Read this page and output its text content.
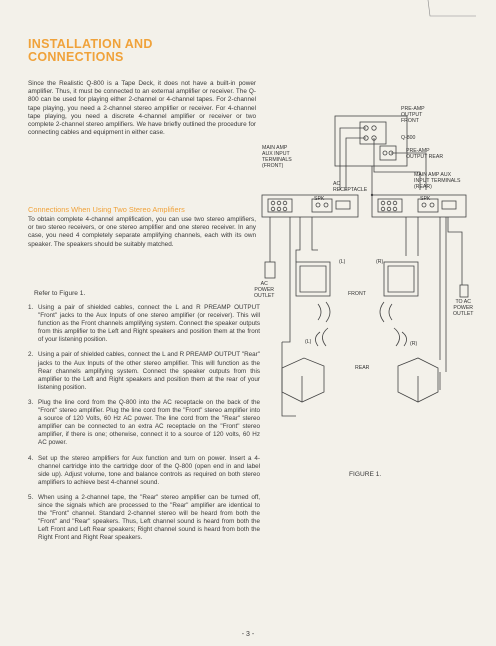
INSTALLATION AND
CONNECTIONS
Since the Realistic Q-800 is a Tape Deck, it does not have a built-in power amplifier. Thus, it must be connected to an external amplifier or receiver. The Q-800 can be used for playing either 2-channel or 4-channel tapes. For 2-channel tape playing, you need a 2-channel stereo amplifier or receiver. For 4-channel tape playing, you need a discrete 4-channel amplifier or receiver or two complete 2-channel stereo amplifiers. We have briefly outlined the procedure for connecting cables and equipment in either case.
Connections When Using Two Stereo Amplifiers
To obtain complete 4-channel amplification, you can use two stereo amplifiers, or two stereo receivers, or one stereo amplifier and one stereo receiver. In any case, you need 4 completely separate amplifying channels, each with its own speaker. The speakers should be suitably matched.
Refer to Figure 1.
1. Using a pair of shielded cables, connect the L and R PREAMP OUTPUT "Front" jacks to the Aux Inputs of one stereo amplifier (or receiver). This will function as the Front channels amplifying system. Connect the speaker outputs from this amplifier to the Left and Right speakers and position them at the front of your listening position.
2. Using a pair of shielded cables, connect the L and R PREAMP OUTPUT "Rear" jacks to the Aux Inputs of the other stereo amplifier. This will function as the Rear channels amplifying system. Connect the speaker outputs from this amplifier to the Left and Right speakers and position them at the rear of your listening position.
3. Plug the line cord from the Q-800 into the AC receptacle on the back of the "Front" stereo amplifier. Plug the line cord from the "Front" stereo amplifier into a source of 120 Volts, 60 Hz AC power. The line cord from the "Rear" stereo amplifier can be connected to an extra AC receptacle on the "Front" stereo amplifier, if there is one; otherwise, connect it to a source of 120 volts, 60 Hz AC power.
4. Set up the stereo amplifiers for Aux function and turn on power. Insert a 4-channel cartridge into the cartridge door of the Q-800 (open end in and label side up). Adjust volume, tone and balance controls as required on both stereo amplifiers to achieve best 4-channel sound.
5. When using a 2-channel tape, the "Rear" stereo amplifier can be turned off, since the signals which are processed to the "Rear" amplifier are identical to the "Front" channel. Standard 2-channel stereo will be heard from both the "Front" and "Rear" speakers. Thus, Left channel sound is heard from both the Left Front and Left Rear speakers; Right channel sound is heard from both the Right Front and Right Rear speakers.
- 3 -
PRE-AMP
OUTPUT
FRONT
Q-800
PRE-AMP
OUTPUT REAR
MAIN AMP
AUX INPUT
TERMINALS
(FRONT)
MAIN AMP AUX
INPUT TERMINALS
(REAR)
AC
RECEPTACLE
SPK	SPK
(L)	(R)
FRONT
AC
POWER
OUTLET
TO AC
POWER
OUTLET
(L)	(R)
REAR
FIGURE 1.
